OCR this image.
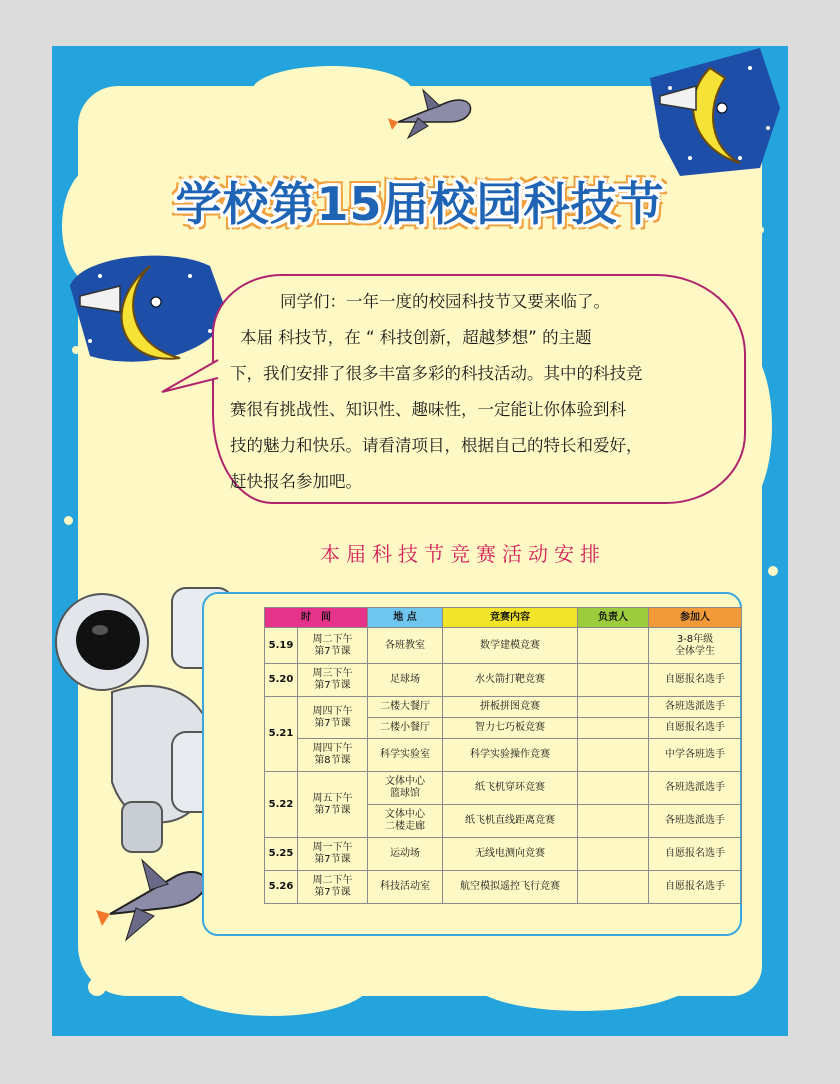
学校第15届校园科技节
同学们：一年一度的校园科技节又要来临了。
本届 科技节，在 “ 科技创新，超越梦想” 的主题
下，我们安排了很多丰富多彩的科技活动。其中的科技竞
赛很有挑战性、知识性、趣味性，一定能让你体验到科
技的魅力和快乐。请看清项目，根据自己的特长和爱好，
赶快报名参加吧。
本届科技节竞赛活动安排
时　间		地 点	竞赛内容	负责人	参加人
5.19	周二下午
第7节课	各班教室	数学建模竞赛		3-8年级
全体学生
5.20	周三下午
第7节课	足球场	水火箭打靶竞赛		自愿报名选手
5.21	周四下午
第7节课	二楼大餐厅	拼板拼图竞赛		各班选派选手
		二楼小餐厅	智力七巧板竞赛		自愿报名选手
	周四下午
第8节课	科学实验室	科学实验操作竞赛		中学各班选手
5.22	周五下午
第7节课	文体中心
篮球馆	纸飞机穿环竞赛		各班选派选手
		文体中心
二楼走廊	纸飞机直线距离竞赛		各班选派选手
5.25	周一下午
第7节课	运动场	无线电测向竞赛		自愿报名选手
5.26	周二下午
第7节课	科技活动室	航空模拟遥控飞行竞赛		自愿报名选手
